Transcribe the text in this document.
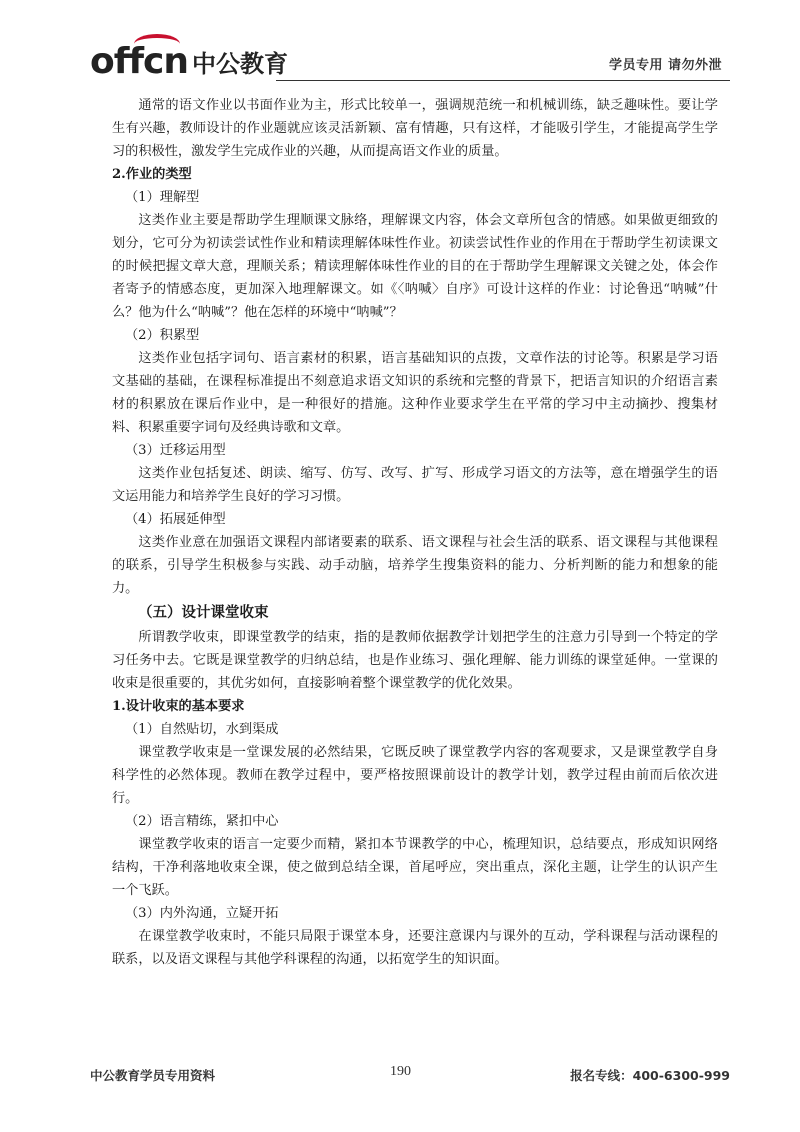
offcn 中公教育	学员专用 请勿外泄
通常的语文作业以书面作业为主，形式比较单一，强调规范统一和机械训练，缺乏趣味性。要让学生有兴趣，教师设计的作业题就应该灵活新颖、富有情趣，只有这样，才能吸引学生，才能提高学生学习的积极性，激发学生完成作业的兴趣，从而提高语文作业的质量。
2.作业的类型
（1）理解型
这类作业主要是帮助学生理顺课文脉络，理解课文内容，体会文章所包含的情感。如果做更细致的划分，它可分为初读尝试性作业和精读理解体味性作业。初读尝试性作业的作用在于帮助学生初读课文的时候把握文章大意，理顺关系；精读理解体味性作业的目的在于帮助学生理解课文关键之处，体会作者寄予的情感态度，更加深入地理解课文。如《〈呐喊〉自序》可设计这样的作业：讨论鲁迅“呐喊”什么？他为什么“呐喊”？他在怎样的环境中“呐喊”？
（2）积累型
这类作业包括字词句、语言素材的积累，语言基础知识的点拨，文章作法的讨论等。积累是学习语文基础的基础，在课程标准提出不刻意追求语文知识的系统和完整的背景下，把语言知识的介绍语言素材的积累放在课后作业中，是一种很好的措施。这种作业要求学生在平常的学习中主动摘抄、搜集材料、积累重要字词句及经典诗歌和文章。
（3）迁移运用型
这类作业包括复述、朗读、缩写、仿写、改写、扩写、形成学习语文的方法等，意在增强学生的语文运用能力和培养学生良好的学习习惯。
（4）拓展延伸型
这类作业意在加强语文课程内部诸要素的联系、语文课程与社会生活的联系、语文课程与其他课程的联系，引导学生积极参与实践、动手动脑，培养学生搜集资料的能力、分析判断的能力和想象的能力。
（五）设计课堂收束
所谓教学收束，即课堂教学的结束，指的是教师依据教学计划把学生的注意力引导到一个特定的学习任务中去。它既是课堂教学的归纳总结，也是作业练习、强化理解、能力训练的课堂延伸。一堂课的收束是很重要的，其优劣如何，直接影响着整个课堂教学的优化效果。
1.设计收束的基本要求
（1）自然贴切，水到渠成
课堂教学收束是一堂课发展的必然结果，它既反映了课堂教学内容的客观要求，又是课堂教学自身科学性的必然体现。教师在教学过程中，要严格按照课前设计的教学计划，教学过程由前而后依次进行。
（2）语言精练，紧扣中心
课堂教学收束的语言一定要少而精，紧扣本节课教学的中心，梳理知识，总结要点，形成知识网络结构，干净利落地收束全课，使之做到总结全课，首尾呼应，突出重点，深化主题，让学生的认识产生一个飞跃。
（3）内外沟通，立疑开拓
在课堂教学收束时，不能只局限于课堂本身，还要注意课内与课外的互动，学科课程与活动课程的联系，以及语文课程与其他学科课程的沟通，以拓宽学生的知识面。
中公教育学员专用资料	190	报名专线：400-6300-999
